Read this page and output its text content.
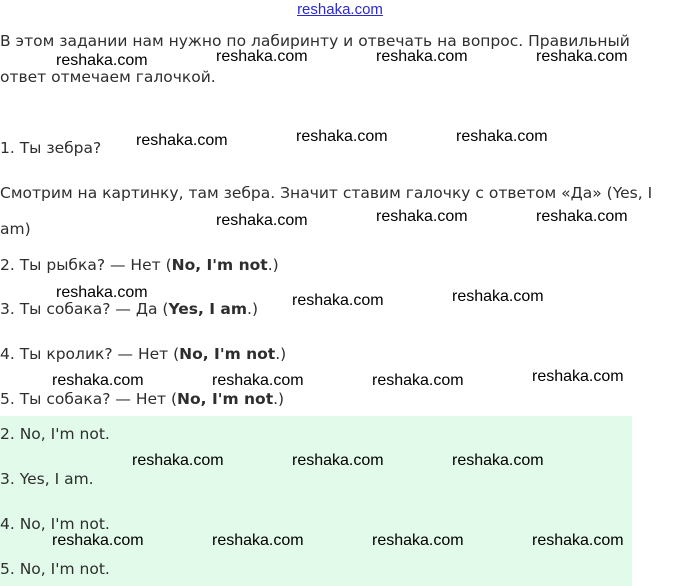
reshaka.com
В этом задании нам нужно по лабиринту и отвечать на вопрос. Правильный
ответ отмечаем галочкой.
1. Ты зебра?
Смотрим на картинку, там зебра. Значит ставим галочку с ответом «Да» (Yes, I
am)
2. Ты рыбка? — Нет (No, I'm not.)
3. Ты собака? — Да (Yes, I am.)
4. Ты кролик? — Нет (No, I'm not.)
5. Ты собака? — Нет (No, I'm not.)
2. No, I'm not.
3. Yes, I am.
4. No, I'm not.
5. No, I'm not.
reshaka.com	reshaka.com	reshaka.com	reshaka.com
reshaka.com	reshaka.com	reshaka.com
reshaka.com	reshaka.com	reshaka.com
reshaka.com	reshaka.com	reshaka.com
reshaka.com	reshaka.com	reshaka.com	reshaka.com
reshaka.com	reshaka.com	reshaka.com
reshaka.com	reshaka.com	reshaka.com	reshaka.com
